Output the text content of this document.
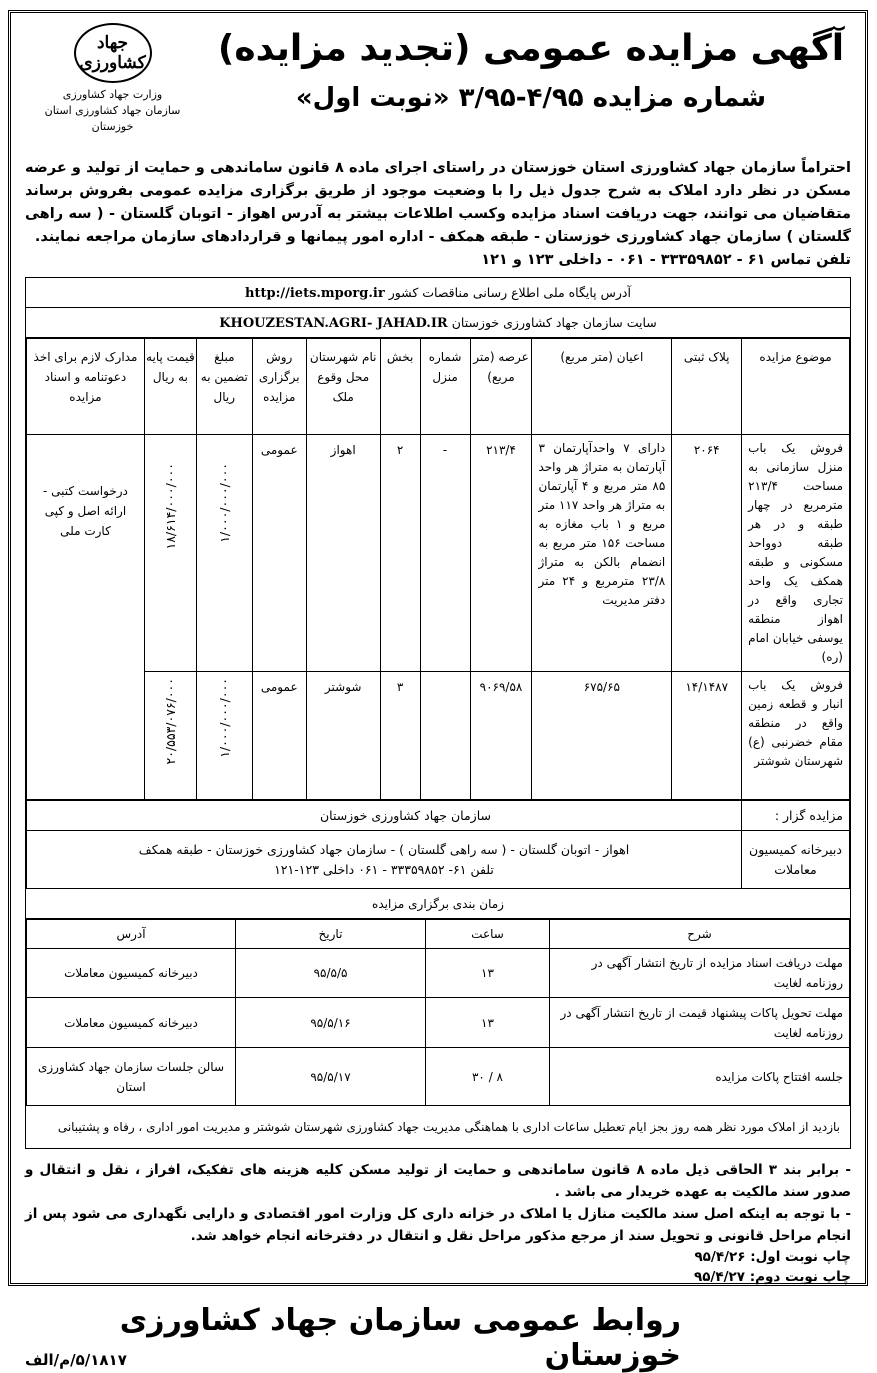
جهاد کشاورزی
وزارت جهاد کشاورزی
سازمان جهاد کشاورزی استان خوزستان
آگهی مزایده عمومی (تجدید مزایده)
شماره مزایده ۴/۹۵-۳/۹۵ «نوبت اول»

احتراماً سازمان جهاد کشاورزی استان خوزستان در راستای اجرای ماده ۸ قانون ساماندهی و حمایت از تولید و عرضه مسکن در نظر دارد املاک به شرح جدول ذیل را با وضعیت موجود از طریق برگزاری مزایده عمومی بفروش برساند متقاضیان می توانند، جهت دریافت اسناد مزایده وکسب اطلاعات بیشتر به آدرس اهواز - اتوبان گلستان - ( سه راهی گلستان ) سازمان جهاد کشاورزی خوزستان - طبقه همکف - اداره امور پیمانها و قراردادهای سازمان مراجعه نمایند.

تلفن تماس ۶۱ - ۳۳۳۵۹۸۵۲ - ۰۶۱ - داخلی ۱۲۳ و ۱۲۱

آدرس پایگاه ملی اطلاع رسانی مناقصات کشور http://iets.mporg.ir
سایت سازمان جهاد کشاورزی خوزستان KHOUZESTAN.AGRI- JAHAD.IR
موضوع مزایده	پلاک ثبتی	اعیان (متر مربع)	عرصه (متر مربع)	شماره منزل	بخش	نام شهرستان محل وقوع ملک	روش برگزاری مزایده	مبلغ تضمین به ریال	قیمت پایه به ریال	مدارک لازم برای اخذ دعوتنامه و اسناد مزایده
فروش یک باب منزل سازمانی به مساحت ۲۱۳/۴ مترمربع در چهار طبقه و در هر طبقه دوواحد مسکونی و طبقه همکف یک واحد تجاری واقع در اهواز منطقه یوسفی خیابان امام (ره)	۲۰۶۴	دارای ۷ واحدآپارتمان ۳ آپارتمان به متراژ هر واحد ۸۵ متر مربع و ۴ آپارتمان به متراژ هر واحد ۱۱۷ متر مربع و ۱ باب مغازه به مساحت ۱۵۶ متر مربع به انضمام بالکن به متراژ ۲۳/۸ مترمربع و ۲۴ متر دفتر مدیریت	۲۱۳/۴	-	۲	اهواز	عمومی	۱/۰۰۰/۰۰۰/۰۰۰	۱۸/۶۱۴/۰۰۰/۰۰۰	درخواست کتبی - ارائه اصل و کپی کارت ملی
فروش یک باب انبار و قطعه زمین واقع در منطقه مقام خضرنبی (ع) شهرستان شوشتر	۱۴/۱۴۸۷	۶۷۵/۶۵	۹۰۶۹/۵۸		۳	شوشتر	عمومی	۱/۰۰۰/۰۰۰/۰۰۰	۲۰/۵۵۳/۰۷۶/۰۰۰	
مزایده گزار :	سازمان جهاد کشاورزی خوزستان
دبیرخانه کمیسیون معاملات	اهواز - اتوبان گلستان - ( سه راهی گلستان ) - سازمان جهاد کشاورزی خوزستان - طبقه همکف
تلفن ۶۱- ۳۳۳۵۹۸۵۲ - ۰۶۱ داخلی ۱۲۳-۱۲۱
زمان بندی برگزاری مزایده
شرح	ساعت	تاریخ	آدرس
مهلت دریافت اسناد مزایده از تاریخ انتشار آگهی در روزنامه لغایت	۱۳	۹۵/۵/۵	دبیرخانه کمیسیون معاملات
مهلت تحویل پاکات پیشنهاد قیمت از تاریخ انتشار آگهی در روزنامه لغایت	۱۳	۹۵/۵/۱۶	دبیرخانه کمیسیون معاملات
جلسه افتتاح پاکات مزایده	۸ / ۳۰	۹۵/۵/۱۷	سالن جلسات سازمان جهاد کشاورزی استان
بازدید از املاک مورد نظر همه روز بجز ایام تعطیل ساعات اداری با هماهنگی مدیریت جهاد کشاورزی شهرستان شوشتر و مدیریت امور اداری ، رفاه و پشتیبانی

- برابر بند ۳ الحاقی ذیل ماده ۸ قانون ساماندهی و حمایت از تولید مسکن کلیه هزینه های تفکیک، افراز ، نقل و انتقال و صدور سند مالکیت به عهده خریدار می باشد .

- با توجه به اینکه اصل سند مالکیت منازل یا املاک در خزانه داری کل وزارت امور اقتصادی و دارایی نگهداری می شود پس از انجام مراحل قانونی و تحویل سند از مرجع مذکور مراحل نقل و انتقال در دفترخانه انجام خواهد شد.

چاپ نوبت اول: ۹۵/۴/۲۶

چاپ نوبت دوم: ۹۵/۴/۲۷

روابط عمومی سازمان جهاد کشاورزی خوزستان
۵/۱۸۱۷/م/الف
